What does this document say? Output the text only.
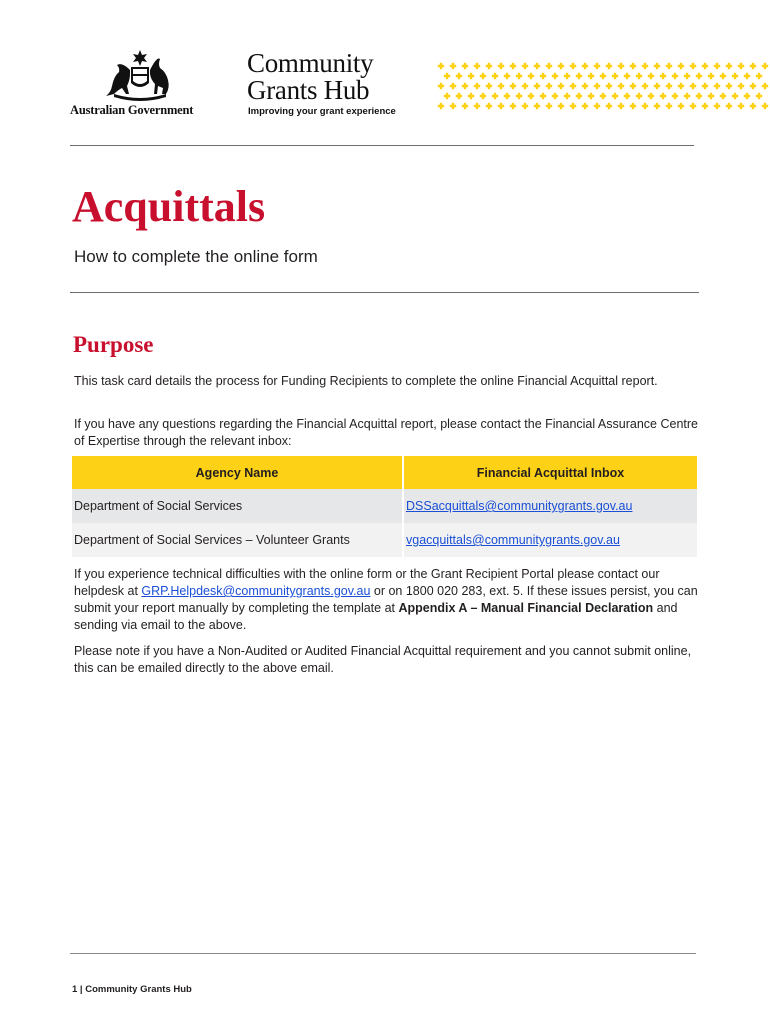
Australian Government
Community
Grants Hub
Improving your grant experience
Acquittals
How to complete the online form
Purpose

This task card details the process for Funding Recipients to complete the online Financial Acquittal report.

If you have any questions regarding the Financial Acquittal report, please contact the Financial Assurance Centre of Expertise through the relevant inbox:

Agency Name	Financial Acquittal Inbox
Department of Social Services	DSSacquittals@communitygrants.gov.au
Department of Social Services – Volunteer Grants	vgacquittals@communitygrants.gov.au

If you experience technical difficulties with the online form or the Grant Recipient Portal please contact our helpdesk at GRP.Helpdesk@communitygrants.gov.au or on 1800 020 283, ext. 5. If these issues persist, you can submit your report manually by completing the template at Appendix A – Manual Financial Declaration and sending via email to the above.

Please note if you have a Non-Audited or Audited Financial Acquittal requirement and you cannot submit online, this can be emailed directly to the above email.

1 | Community Grants Hub
